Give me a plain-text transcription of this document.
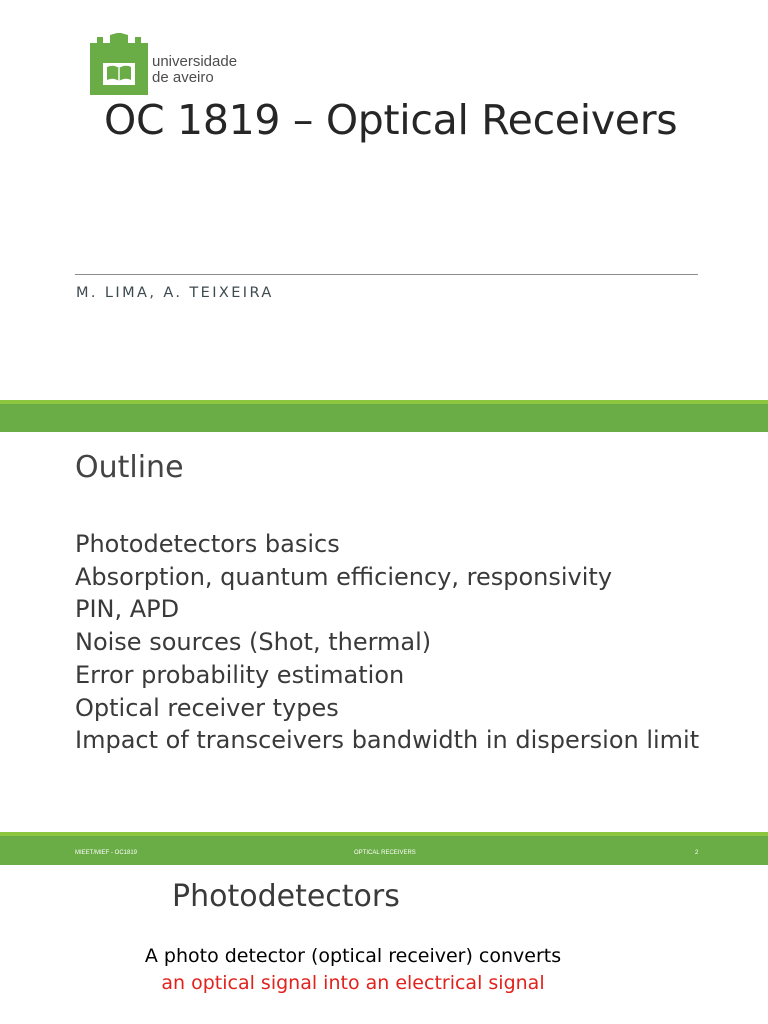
universidade
de aveiro
OC 1819 – Optical Receivers
M. LIMA, A. TEIXEIRA
Outline
Photodetectors basics
Absorption, quantum efficiency, responsivity
PIN, APD
Noise sources (Shot, thermal)
Error probability estimation
Optical receiver types
Impact of transceivers bandwidth in dispersion limit
MIEET/MIEF - OC1819	OPTICAL RECEIVERS	2
Photodetectors
A photo detector (optical receiver) converts
an optical signal into an electrical signal
